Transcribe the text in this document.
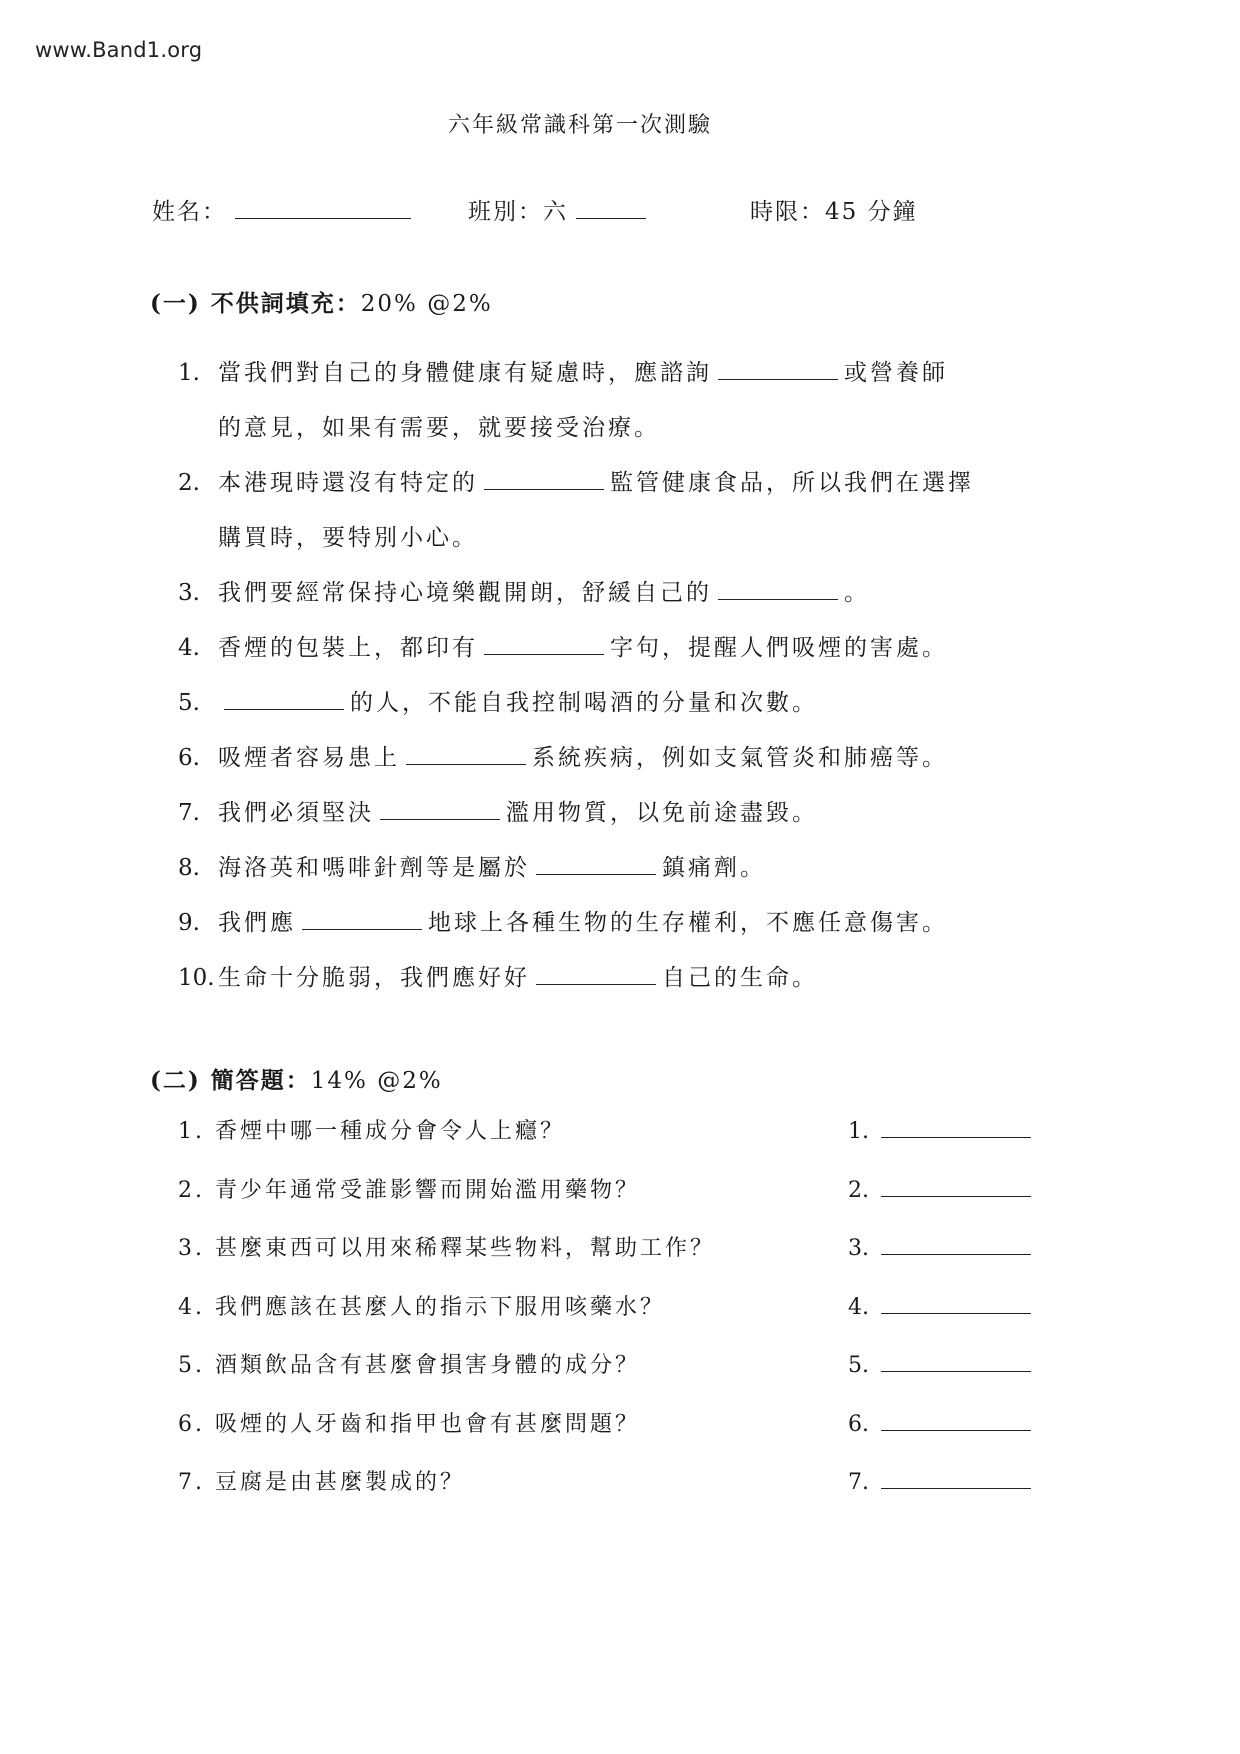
www.Band1.org
六年級常識科第一次測驗
姓名：	班別：六	時限：45 分鐘
(一) 不供詞填充：20% @2%
1. 當我們對自己的身體健康有疑慮時，應諮詢	或營養師的意見，如果有需要，就要接受治療。
2. 本港現時還沒有特定的	監管健康食品，所以我們在選擇購買時，要特別小心。
3. 我們要經常保持心境樂觀開朗，舒緩自己的	。
4. 香煙的包裝上，都印有	字句，提醒人們吸煙的害處。
5.	的人，不能自我控制喝酒的分量和次數。
6. 吸煙者容易患上	系統疾病，例如支氣管炎和肺癌等。
7. 我們必須堅決	濫用物質，以免前途盡毀。
8. 海洛英和嗎啡針劑等是屬於	鎮痛劑。
9. 我們應	地球上各種生物的生存權利，不應任意傷害。
10. 生命十分脆弱，我們應好好	自己的生命。
(二) 簡答題：14% @2%
1. 香煙中哪一種成分會令人上癮？	1.
2. 青少年通常受誰影響而開始濫用藥物？	2.
3. 甚麼東西可以用來稀釋某些物料，幫助工作？	3.
4. 我們應該在甚麼人的指示下服用咳藥水？	4.
5. 酒類飲品含有甚麼會損害身體的成分？	5.
6. 吸煙的人牙齒和指甲也會有甚麼問題？	6.
7. 豆腐是由甚麼製成的？	7.
